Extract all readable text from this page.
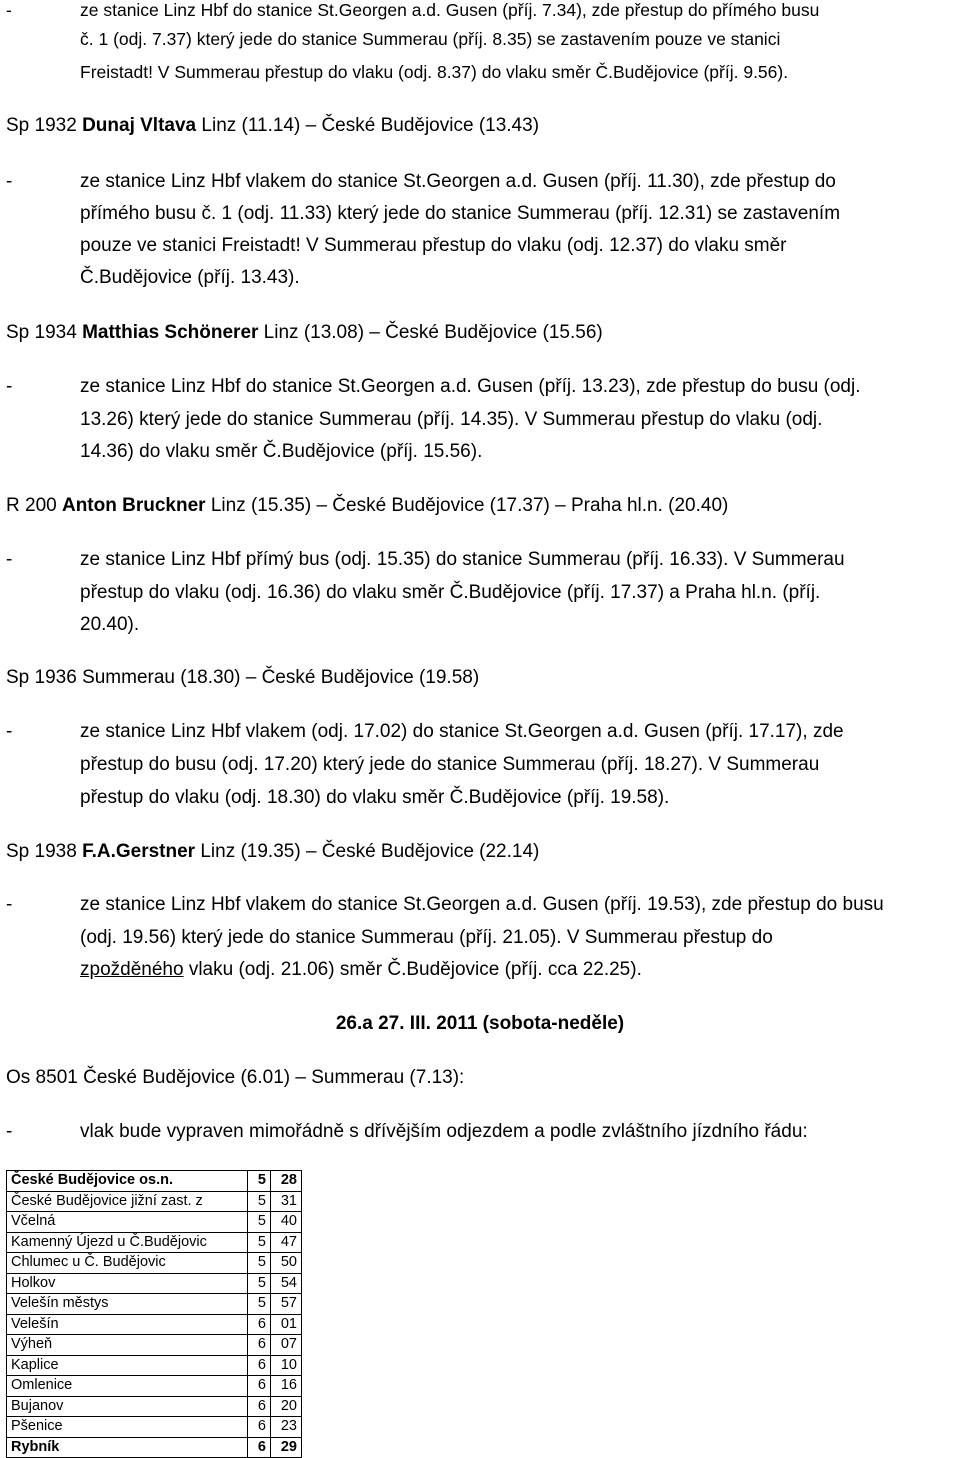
-	ze stanice Linz Hbf do stanice St.Georgen a.d. Gusen (příj. 7.34), zde přestup do přímého busu
č. 1 (odj. 7.37) který jede do stanice Summerau (příj. 8.35) se zastavením pouze ve stanici
Freistadt! V Summerau přestup do vlaku (odj. 8.37) do vlaku směr Č.Budějovice (příj. 9.56).
Sp 1932 Dunaj Vltava Linz (11.14) – České Budějovice (13.43)
-	ze stanice Linz Hbf vlakem do stanice St.Georgen a.d. Gusen (příj. 11.30), zde přestup do
přímého busu č. 1 (odj. 11.33) který jede do stanice Summerau (příj. 12.31) se zastavením
pouze ve stanici Freistadt! V Summerau přestup do vlaku (odj. 12.37) do vlaku směr
Č.Budějovice (příj. 13.43).
Sp 1934 Matthias Schönerer Linz (13.08) – České Budějovice (15.56)
-	ze stanice Linz Hbf do stanice St.Georgen a.d. Gusen (příj. 13.23), zde přestup do busu (odj.
13.26) který jede do stanice Summerau (příj. 14.35). V Summerau přestup do vlaku (odj.
14.36) do vlaku směr Č.Budějovice (příj. 15.56).
R 200 Anton Bruckner Linz (15.35) – České Budějovice (17.37) – Praha hl.n. (20.40)
-	ze stanice Linz Hbf přímý bus (odj. 15.35) do stanice Summerau (příj. 16.33). V Summerau
přestup do vlaku (odj. 16.36) do vlaku směr Č.Budějovice (příj. 17.37) a Praha hl.n. (příj.
20.40).
Sp 1936 Summerau (18.30) – České Budějovice (19.58)
-	ze stanice Linz Hbf vlakem (odj. 17.02) do stanice St.Georgen a.d. Gusen (příj. 17.17), zde
přestup do busu (odj. 17.20) který jede do stanice Summerau (příj. 18.27). V Summerau
přestup do vlaku (odj. 18.30) do vlaku směr Č.Budějovice (příj. 19.58).
Sp 1938 F.A.Gerstner Linz (19.35) – České Budějovice (22.14)
-	ze stanice Linz Hbf vlakem do stanice St.Georgen a.d. Gusen (příj. 19.53), zde přestup do busu
(odj. 19.56) který jede do stanice Summerau (příj. 21.05). V Summerau přestup do
zpožděného vlaku (odj. 21.06) směr Č.Budějovice (příj. cca 22.25).
26.a 27. III. 2011 (sobota-neděle)
Os 8501 České Budějovice (6.01) – Summerau (7.13):
-	vlak bude vypraven mimořádně s dřívějším odjezdem a podle zvláštního jízdního řádu:
České Budějovice os.n.	5	28
České Budějovice jižní zast. z	5	31
Včelná	5	40
Kamenný Újezd u Č.Budějovic	5	47
Chlumec u Č. Budějovic	5	50
Holkov	5	54
Velešín městys	5	57
Velešín	6	01
Výheň	6	07
Kaplice	6	10
Omlenice	6	16
Bujanov	6	20
Pšenice	6	23
Rybník	6	29
